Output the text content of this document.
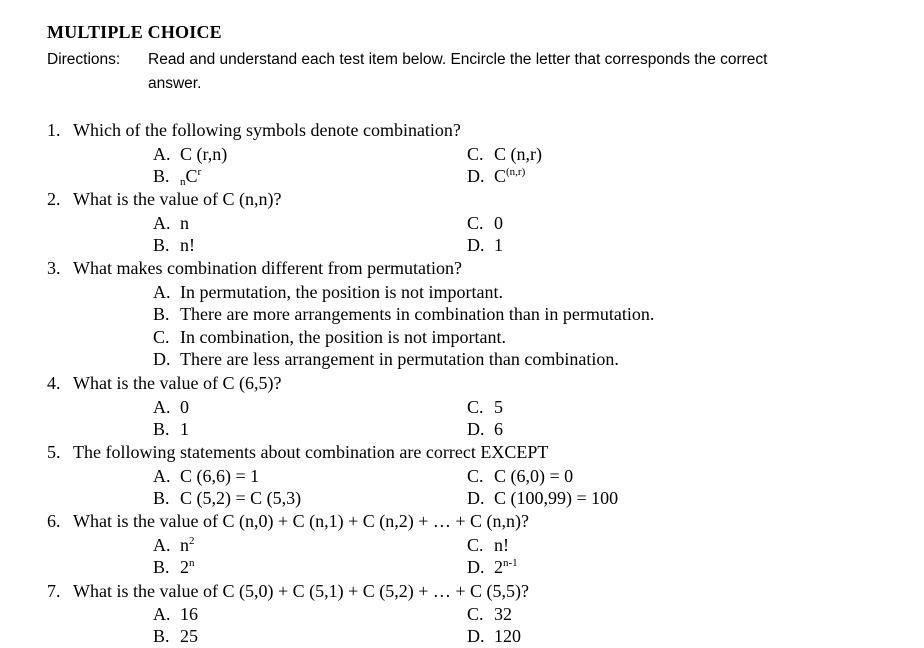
MULTIPLE CHOICE
Directions: Read and understand each test item below. Encircle the letter that corresponds the correct
answer.
1. Which of the following symbols denote combination?
A. C (r,n)
B. $_nC^r$
C. C (n,r)
D. C$^{(n,r)}$
2. What is the value of C (n,n)?
A. n
B. n!
C. 0
D. 1
3. What makes combination different from permutation?
A. In permutation, the position is not important.
B. There are more arrangements in combination than in permutation.
C. In combination, the position is not important.
D. There are less arrangement in permutation than combination.
4. What is the value of C (6,5)?
A. 0
B. 1
C. 5
D. 6
5. The following statements about combination are correct EXCEPT
A. C (6,6) = 1
B. C (5,2) = C (5,3)
C. C (6,0) = 0
D. C (100,99) = 100
6. What is the value of C (n,0) + C (n,1) + C (n,2) + … + C (n,n)?
A. $n^2$
B. 2$^n$
C. n!
D. 2$^{n-1}$
7. What is the value of C (5,0) + C (5,1) + C (5,2) + … + C (5,5)?
A. 16
B. 25
C. 32
D. 120
